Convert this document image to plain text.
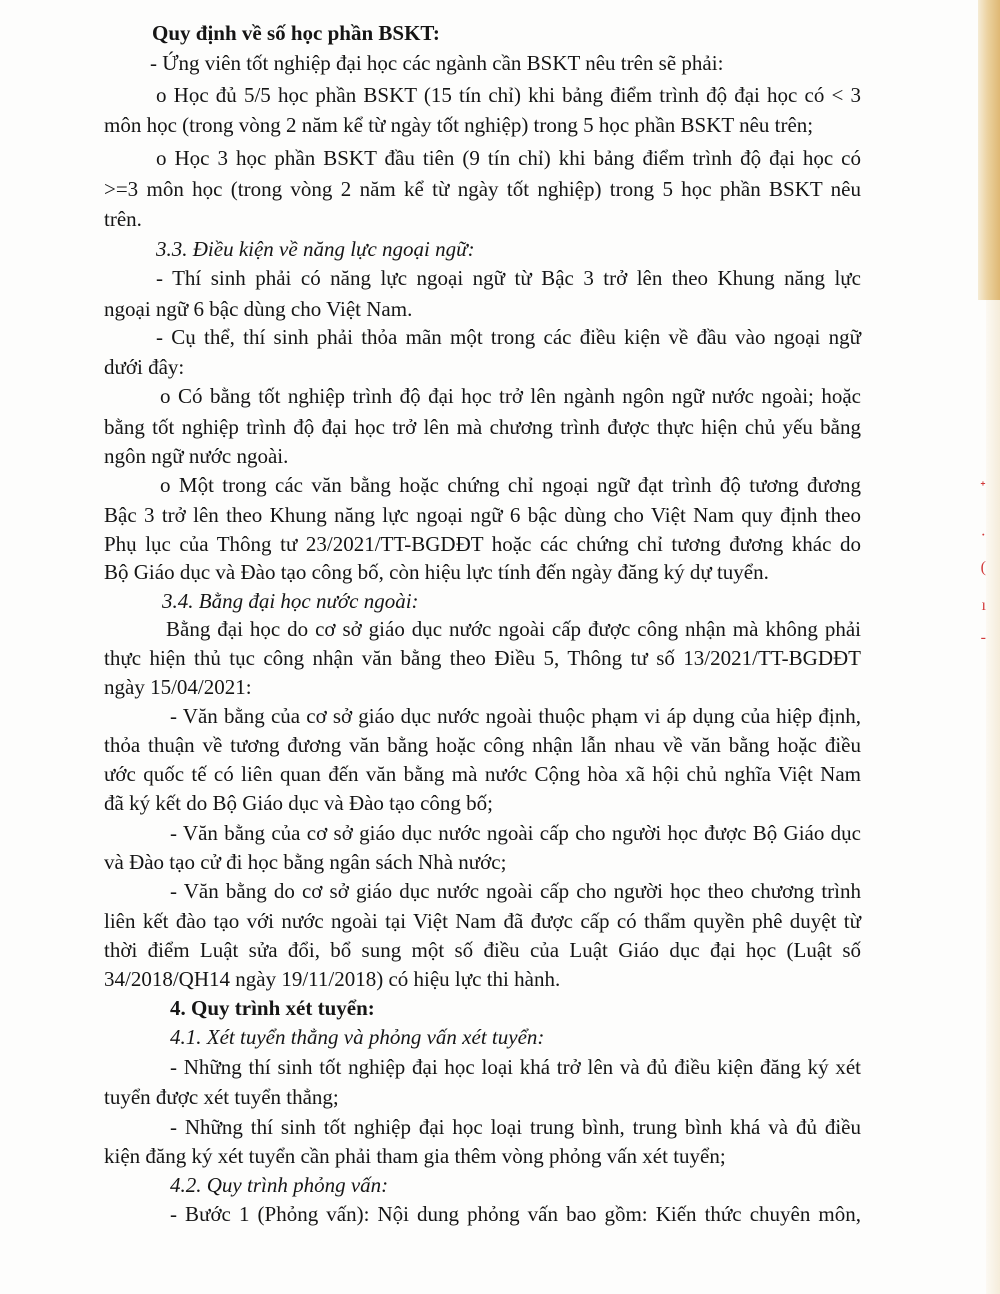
ᐩ
·
(
ı
-
Quy định về số học phần BSKT:
- Ứng viên tốt nghiệp đại học các ngành cần BSKT nêu trên sẽ phải:
o Học đủ 5/5 học phần BSKT (15 tín chỉ) khi bảng điểm trình độ đại học có < 3
môn học (trong vòng 2 năm kể từ ngày tốt nghiệp) trong 5 học phần BSKT nêu trên;
o Học 3 học phần BSKT đầu tiên (9 tín chỉ) khi bảng điểm trình độ đại học có
>=3 môn học (trong vòng 2 năm kể từ ngày tốt nghiệp) trong 5 học phần BSKT nêu
trên.
3.3. Điều kiện về năng lực ngoại ngữ:
- Thí sinh phải có năng lực ngoại ngữ từ Bậc 3 trở lên theo Khung năng lực
ngoại ngữ 6 bậc dùng cho Việt Nam.
- Cụ thể, thí sinh phải thỏa mãn một trong các điều kiện về đầu vào ngoại ngữ
dưới đây:
o Có bằng tốt nghiệp trình độ đại học trở lên ngành ngôn ngữ nước ngoài; hoặc
bằng tốt nghiệp trình độ đại học trở lên mà chương trình được thực hiện chủ yếu bằng
ngôn ngữ nước ngoài.
o Một trong các văn bằng hoặc chứng chỉ ngoại ngữ đạt trình độ tương đương
Bậc 3 trở lên theo Khung năng lực ngoại ngữ 6 bậc dùng cho Việt Nam quy định theo
Phụ lục của Thông tư 23/2021/TT-BGDĐT hoặc các chứng chỉ tương đương khác do
Bộ Giáo dục và Đào tạo công bố, còn hiệu lực tính đến ngày đăng ký dự tuyển.
3.4. Bằng đại học nước ngoài:
Bằng đại học do cơ sở giáo dục nước ngoài cấp được công nhận mà không phải
thực hiện thủ tục công nhận văn bằng theo Điều 5, Thông tư số 13/2021/TT-BGDĐT
ngày 15/04/2021:
- Văn bằng của cơ sở giáo dục nước ngoài thuộc phạm vi áp dụng của hiệp định,
thỏa thuận về tương đương văn bằng hoặc công nhận lẫn nhau về văn bằng hoặc điều
ước quốc tế có liên quan đến văn bằng mà nước Cộng hòa xã hội chủ nghĩa Việt Nam
đã ký kết do Bộ Giáo dục và Đào tạo công bố;
- Văn bằng của cơ sở giáo dục nước ngoài cấp cho người học được Bộ Giáo dục
và Đào tạo cử đi học bằng ngân sách Nhà nước;
- Văn bằng do cơ sở giáo dục nước ngoài cấp cho người học theo chương trình
liên kết đào tạo với nước ngoài tại Việt Nam đã được cấp có thẩm quyền phê duyệt từ
thời điểm Luật sửa đổi, bổ sung một số điều của Luật Giáo dục đại học (Luật số
34/2018/QH14 ngày 19/11/2018) có hiệu lực thi hành.
4. Quy trình xét tuyển:
4.1. Xét tuyển thẳng và phỏng vấn xét tuyển:
- Những thí sinh tốt nghiệp đại học loại khá trở lên và đủ điều kiện đăng ký xét
tuyển được xét tuyển thẳng;
- Những thí sinh tốt nghiệp đại học loại trung bình, trung bình khá và đủ điều
kiện đăng ký xét tuyển cần phải tham gia thêm vòng phỏng vấn xét tuyển;
4.2. Quy trình phỏng vấn:
- Bước 1 (Phỏng vấn): Nội dung phỏng vấn bao gồm: Kiến thức chuyên môn,
